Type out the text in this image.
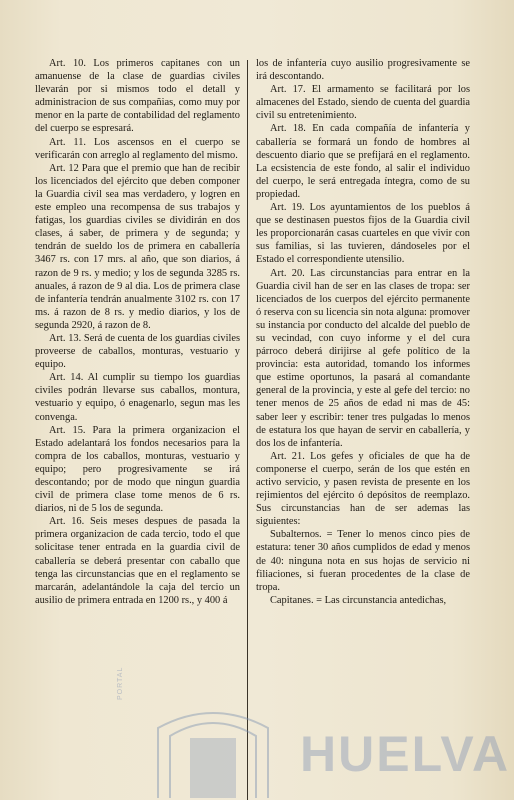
Art. 10. Los primeros capitanes con un amanuense de la clase de guardias civiles llevarán por si mismos todo el detall y administracion de sus compañias, como muy por menor en la parte de contabilidad del reglamento del cuerpo se espresará.

Art. 11. Los ascensos en el cuerpo se verificarán con arreglo al reglamento del mismo.

Art. 12 Para que el premio que han de recibir los licenciados del ejército que deben componer la Guardia civil sea mas verdadero, y logren en este empleo una recompensa de sus trabajos y fatigas, los guardias civiles se dividirán en dos clases, á saber, de primera y de segunda; y tendrán de sueldo los de primera en caballería 3467 rs. con 17 mrs. al año, que son diarios, á razon de 9 rs. y medio; y los de segunda 3285 rs. anuales, á razon de 9 al dia. Los de primera clase de infantería tendrán anualmente 3102 rs. con 17 ms. á razon de 8 rs. y medio diarios, y los de segunda 2920, á razon de 8.

Art. 13. Será de cuenta de los guardias civiles proveerse de caballos, monturas, vestuario y equipo.

Art. 14. Al cumplir su tiempo los guardias civiles podrán llevarse sus caballos, montura, vestuario y equipo, ó enagenarlo, segun mas les convenga.

Art. 15. Para la primera organizacion el Estado adelantará los fondos necesarios para la compra de los caballos, monturas, vestuario y equipo; pero progresivamente se irá descontando; por de modo que ningun guardia civil de primera clase tome menos de 6 rs. diarios, ni de 5 los de segunda.

Art. 16. Seis meses despues de pasada la primera organizacion de cada tercio, todo el que solicitase tener entrada en la guardia civil de caballería se deberá presentar con caballo que tenga las circunstancias que en el reglamento se marcarán, adelantándole la caja del tercio un ausilio de primera entrada en 1200 rs., y 400 á

los de infantería cuyo ausilio progresivamente se irá descontando.

Art. 17. El armamento se facilitará por los almacenes del Estado, siendo de cuenta del guardia civil su entretenimiento.

Art. 18. En cada compañía de infantería y caballería se formará un fondo de hombres al descuento diario que se prefijará en el reglamento. La ecsistencia de este fondo, al salir el individuo del cuerpo, le será entregada íntegra, como de su propiedad.

Art. 19. Los ayuntamientos de los pueblos á que se destinasen puestos fijos de la Guardia civil les proporcionarán casas cuarteles en que vivir con sus familias, si las tuvieren, dándoseles por el Estado el correspondiente utensilio.

Art. 20. Las circunstancias para entrar en la Guardia civil han de ser en las clases de tropa: ser licenciados de los cuerpos del ejército permanente ó reserva con su licencia sin nota alguna: promover su instancia por conducto del alcalde del pueblo de su vecindad, con cuyo informe y el del cura párroco deberá dirijirse al gefe político de la provincia: esta autoridad, tomando los informes que estime oportunos, la pasará al comandante general de la provincia, y este al gefe del tercio: no tener menos de 25 años de edad ni mas de 45: saber leer y escribir: tener tres pulgadas lo menos de estatura los que hayan de servir en caballería, y dos los de infantería.

Art. 21. Los gefes y oficiales de que ha de componerse el cuerpo, serán de los que estén en activo servicio, y pasen revista de presente en los rejimientos del ejército ó depósitos de reemplazo. Sus circunstancias han de ser ademas las siguientes:

Subalternos. = Tener lo menos cinco pies de estatura: tener 30 años cumplidos de edad y menos de 40: ninguna nota en sus hojas de servicio ni filiaciones, si fueran procedentes de la clase de tropa.

Capitanes. = Las circunstancia antedichas,

PORTAL
HUELVA
